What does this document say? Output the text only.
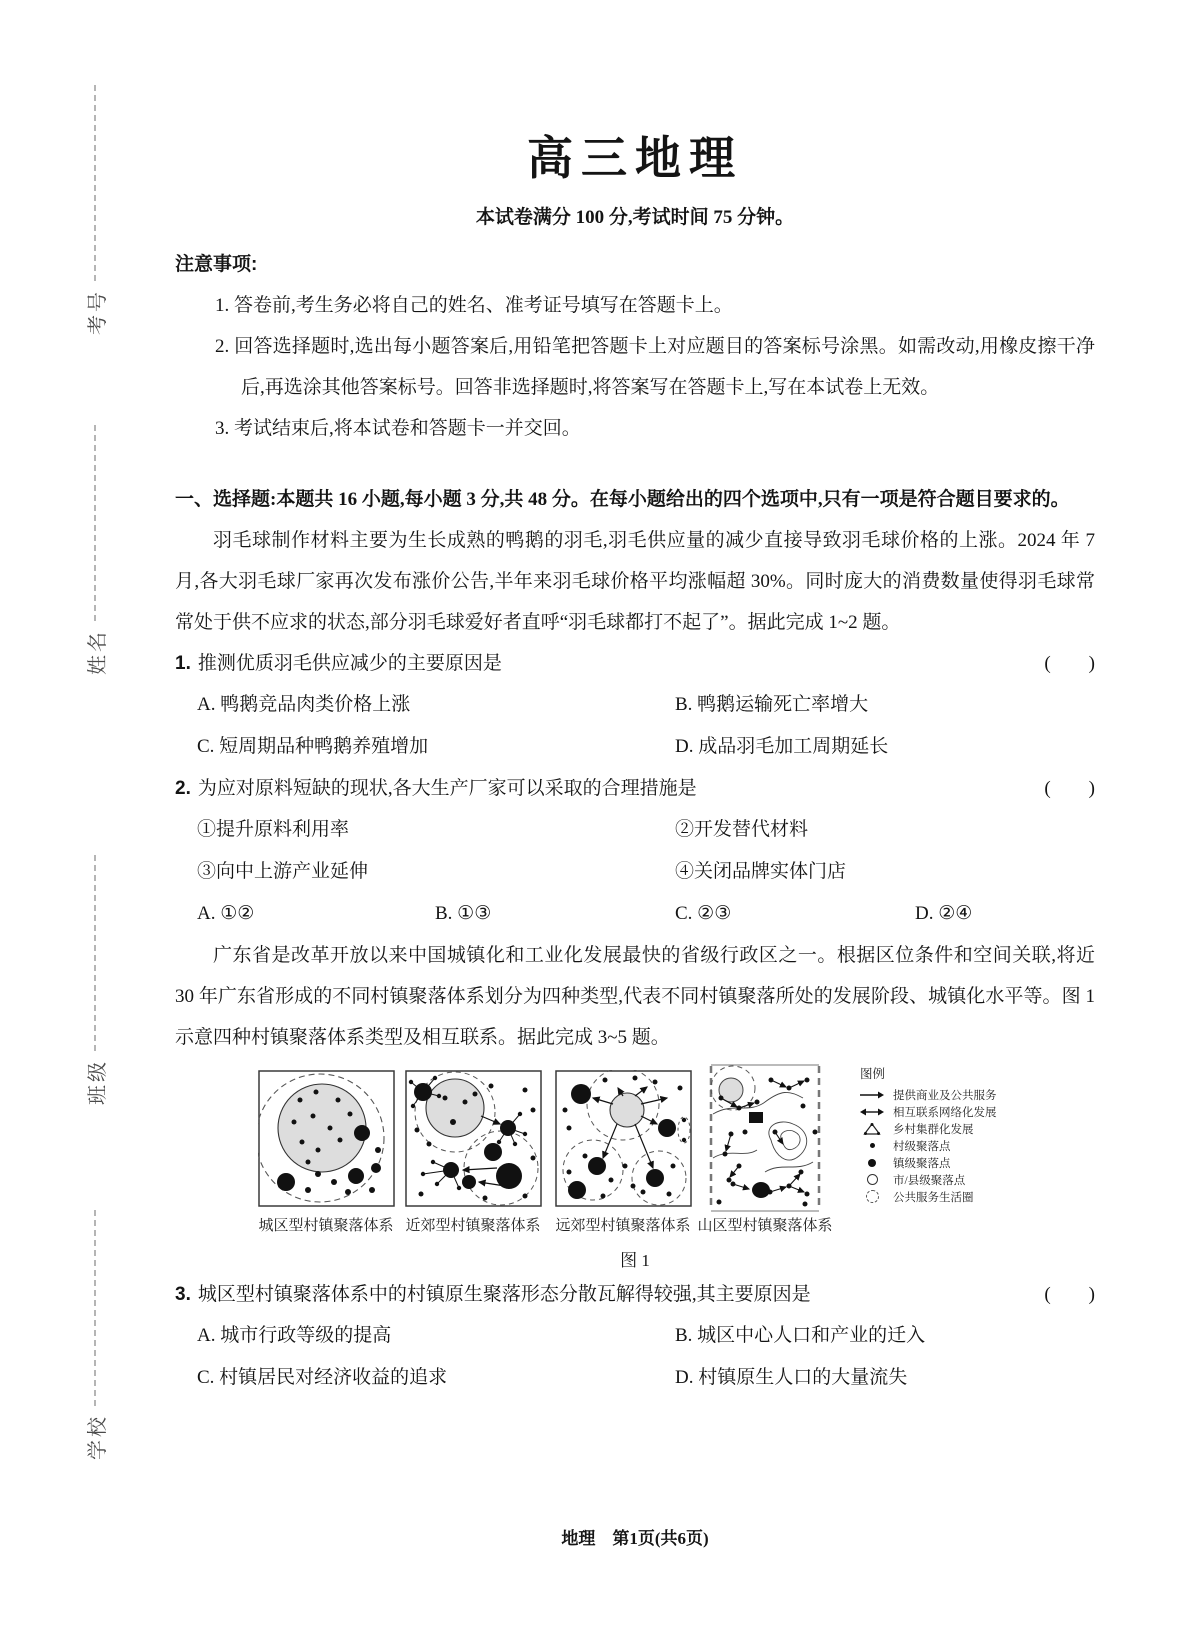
考号
姓名
班级
学校
高三地理
本试卷满分 100 分,考试时间 75 分钟。
注意事项:
1. 答卷前,考生务必将自己的姓名、准考证号填写在答题卡上。
2. 回答选择题时,选出每小题答案后,用铅笔把答题卡上对应题目的答案标号涂黑。如需改动,用橡皮擦干净后,再选涂其他答案标号。回答非选择题时,将答案写在答题卡上,写在本试卷上无效。
3. 考试结束后,将本试卷和答题卡一并交回。
一、选择题:本题共 16 小题,每小题 3 分,共 48 分。在每小题给出的四个选项中,只有一项是符合题目要求的。

羽毛球制作材料主要为生长成熟的鸭鹅的羽毛,羽毛供应量的减少直接导致羽毛球价格的上涨。2024 年 7 月,各大羽毛球厂家再次发布涨价公告,半年来羽毛球价格平均涨幅超 30%。同时庞大的消费数量使得羽毛球常常处于供不应求的状态,部分羽毛球爱好者直呼“羽毛球都打不起了”。据此完成 1~2 题。

1. 推测优质羽毛供应减少的主要原因是	(　　)
A. 鸭鹅竞品肉类价格上涨	B. 鸭鹅运输死亡率增大
C. 短周期品种鸭鹅养殖增加	D. 成品羽毛加工周期延长
2. 为应对原料短缺的现状,各大生产厂家可以采取的合理措施是	(　　)
①提升原料利用率	②开发替代材料
③向中上游产业延伸	④关闭品牌实体门店
A. ①②	B. ①③	C. ②③	D. ②④

广东省是改革开放以来中国城镇化和工业化发展最快的省级行政区之一。根据区位条件和空间关联,将近 30 年广东省形成的不同村镇聚落体系划分为四种类型,代表不同村镇聚落所处的发展阶段、城镇化水平等。图 1 示意四种村镇聚落体系类型及相互联系。据此完成 3~5 题。

城区型村镇聚落体系 近郊型村镇聚落体系 远郊型村镇聚落体系 山区型村镇聚落体系
图例
提供商业及公共服务
相互联系网络化发展
乡村集群化发展
村级聚落点
镇级聚落点
市/县级聚落点
公共服务生活圈
图 1
3. 城区型村镇聚落体系中的村镇原生聚落形态分散瓦解得较强,其主要原因是	(　　)
A. 城市行政等级的提高	B. 城区中心人口和产业的迁入
C. 村镇居民对经济收益的追求	D. 村镇原生人口的大量流失
地理　第1页(共6页)
